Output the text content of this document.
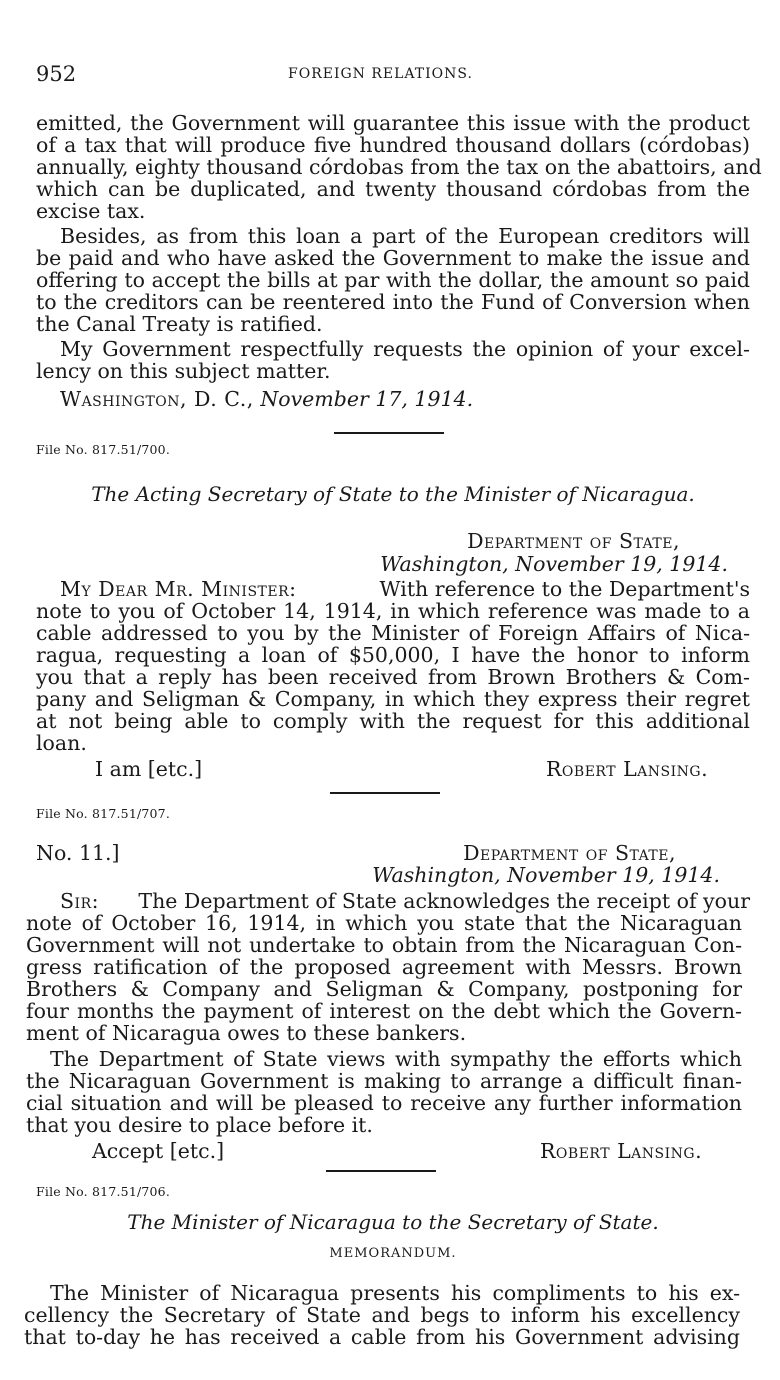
952	FOREIGN RELATIONS.
emitted, the Government will guarantee this issue with the product
of a tax that will produce five hundred thousand dollars (córdobas)
annually, eighty thousand córdobas from the tax on the abattoirs, and
which can be duplicated, and twenty thousand córdobas from the
excise tax.
Besides, as from this loan a part of the European creditors will
be paid and who have asked the Government to make the issue and
offering to accept the bills at par with the dollar, the amount so paid
to the creditors can be reentered into the Fund of Conversion when
the Canal Treaty is ratified.
My Government respectfully requests the opinion of your excel-
lency on this subject matter.
Washington, D. C., November 17, 1914.
File No. 817.51/700.
The Acting Secretary of State to the Minister of Nicaragua.
Department of State,
Washington, November 19, 1914.
My Dear Mr. Minister:	With reference to the Department's
note to you of October 14, 1914, in which reference was made to a
cable addressed to you by the Minister of Foreign Affairs of Nica-
ragua, requesting a loan of $50,000, I have the honor to inform
you that a reply has been received from Brown Brothers & Com-
pany and Seligman & Company, in which they express their regret
at not being able to comply with the request for this additional
loan.
I am [etc.]	Robert Lansing.
File No. 817.51/707.
No. 11.]	Department of State,
Washington, November 19, 1914.
Sir: The Department of State acknowledges the receipt of your
note of October 16, 1914, in which you state that the Nicaraguan
Government will not undertake to obtain from the Nicaraguan Con-
gress ratification of the proposed agreement with Messrs. Brown
Brothers & Company and Seligman & Company, postponing for
four months the payment of interest on the debt which the Govern-
ment of Nicaragua owes to these bankers.
The Department of State views with sympathy the efforts which
the Nicaraguan Government is making to arrange a difficult finan-
cial situation and will be pleased to receive any further information
that you desire to place before it.
Accept [etc.]	Robert Lansing.
File No. 817.51/706.
The Minister of Nicaragua to the Secretary of State.
MEMORANDUM.
The Minister of Nicaragua presents his compliments to his ex-
cellency the Secretary of State and begs to inform his excellency
that to-day he has received a cable from his Government advising
